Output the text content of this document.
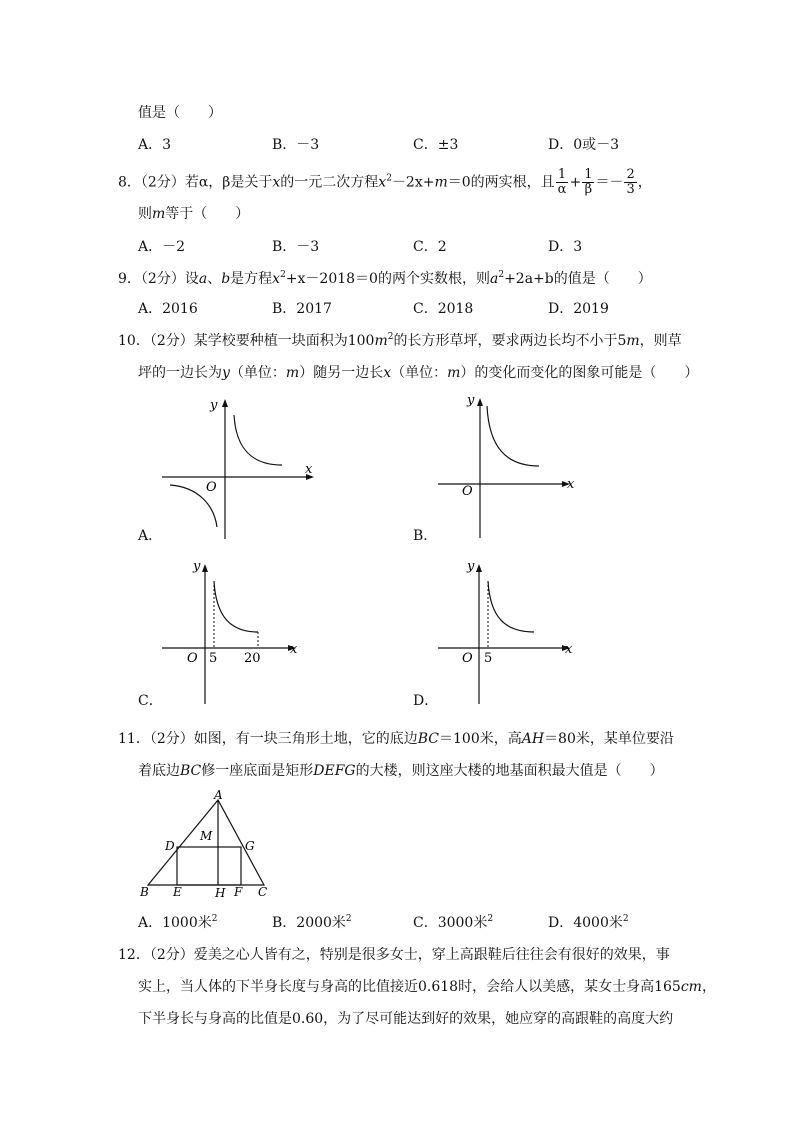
值是（　　）
A．3	B．－3	C．±3	D．0或－3
8．（2分）若α，β是关于x的一元二次方程$x^2-2x+m=0$的两实根，且 $\frac{1}{\alpha} + \frac{1}{\beta} =- \frac{2}{3}$ ，
则m等于（　　）
A．－2	B．－3	C．2	D．3
9．（2分）设a、b是方程$x^2+x-2018=0$的两个实数根，则$a^2+2a+b$的值是（　　）
A．2016	B．2017	C．2018	D．2019
10．（2分）某学校要种植一块面积为$100m^2$的长方形草坪，要求两边长均不小于5m，则草
坪的一边长为y（单位：m）随另一边长x（单位：m）的变化而变化的图象可能是（　　）
x
y
O
A．
x
y
O
B．
x
y
O 5 20
C．
x
y
O 5
D．
11．（2分）如图，有一块三角形土地，它的底边BC＝100米，高AH＝80米，某单位要沿
着底边BC修一座底面是矩形DEFG的大楼，则这座大楼的地基面积最大值是（　　）
A
B	C
D	G
M
E	H F
A．1000米$^2$	B．2000米$^2$	C．3000米$^2$	D．4000米$^2$
12．（2分）爱美之心人皆有之，特别是很多女士，穿上高跟鞋后往往会有很好的效果，事
实上，当人体的下半身长度与身高的比值接近0.618时，会给人以美感，某女士身高165cm，
下半身长与身高的比值是0.60，为了尽可能达到好的效果，她应穿的高跟鞋的高度大约
